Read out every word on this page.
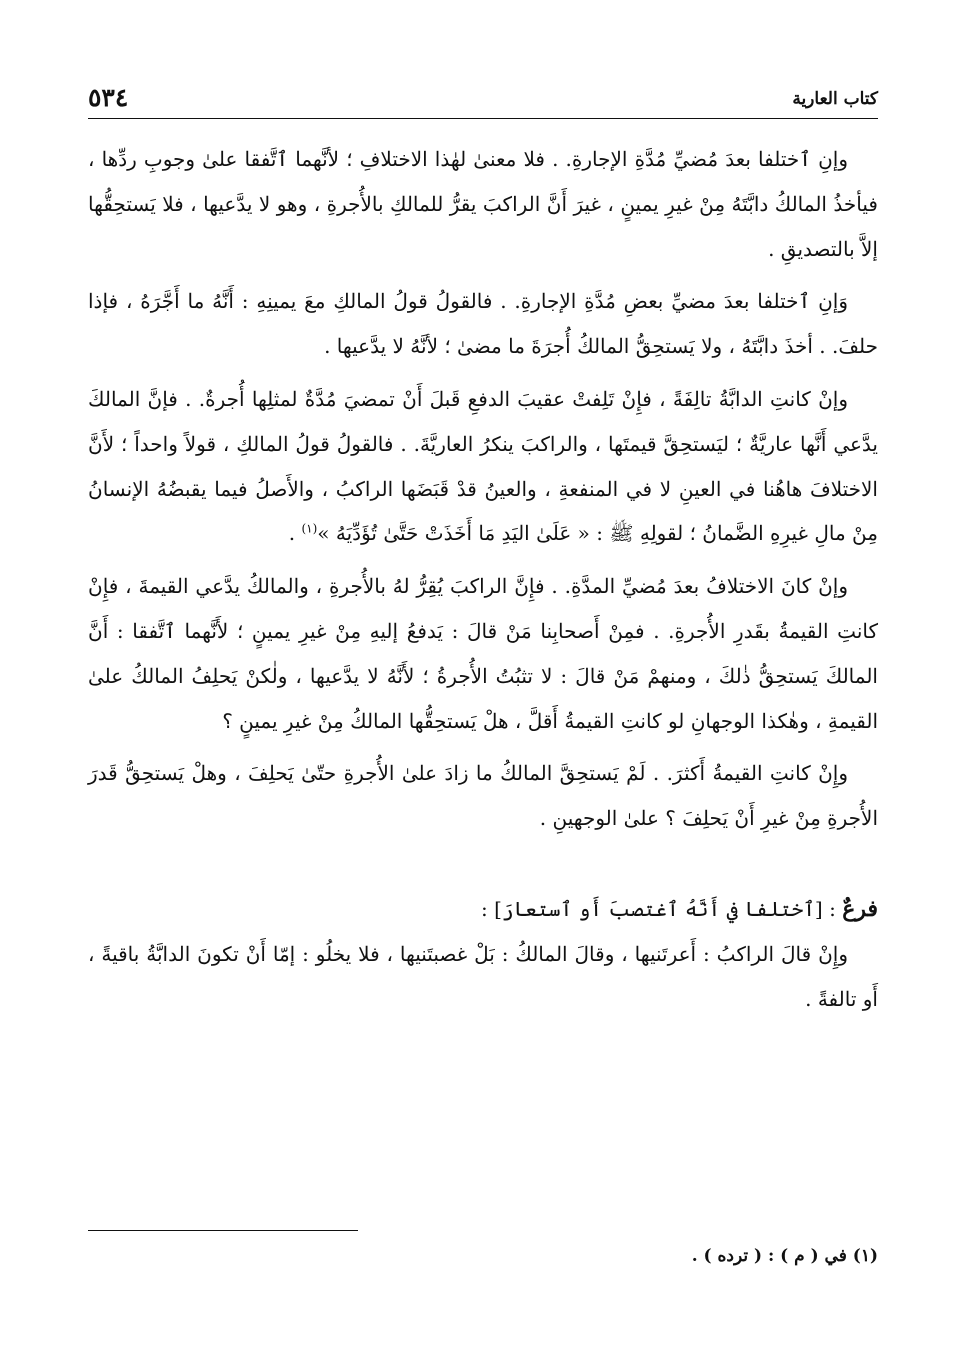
كتاب العارية
٥٣٤

وإنِ ٱختلفا بعدَ مُضيِّ مُدَّةِ الإجارةِ. . فلا معنىٰ لهٰذا الاختلافِ ؛ لأنَّهما ٱتَّفقا علىٰ وجوبِ ردِّها ، فيأخذُ المالكُ دابَّتَهُ مِنْ غيرِ يمينٍ ، غيرَ أَنَّ الراكبَ يقرُّ للمالكِ بالأُجرةِ ، وهو لا يدَّعيها ، فلا يَستحِقُّها إلاَّ بالتصديقِ .

وَإنِ ٱختلفا بعدَ مضيِّ بعضِ مُدَّةِ الإجارةِ. . فالقولُ قولُ المالكِ معَ يمينِهِ : أَنَّهُ ما أَجَّرَهُ ، فإذا حلفَ. . أخذَ دابَّتَهُ ، ولا يَستحِقُّ المالكُ أُجرَةَ ما مضىٰ ؛ لأنَّهُ لا يدَّعيها .

وإنْ كانتِ الدابَّةُ تالِفَةً ، فإِنْ تَلِفتْ عقيبَ الدفعِ قَبلَ أَنْ تمضيَ مُدَّةٌ لمثلِها أُجرةٌ. . فإنَّ المالكَ يدَّعي أَنَّها عاريَّةٌ ؛ ليَستحِقَّ قيمتَها ، والراكبَ ينكرُ العاريَّةَ. . فالقولُ قولُ المالكِ ، قولاً واحداً ؛ لأَنَّ الاختلافَ هاهُنا في العينِ لا في المنفعةِ ، والعينُ قدْ قَبَضَها الراكبُ ، والأَصلُ فيما يقبضُهُ الإنسانُ مِنْ مالِ غيرِهِ الضَّمانُ ؛ لقولِهِ ﷺ : « عَلَىٰ اليَدِ مَا أَخَذَتْ حَتَّىٰ تُؤَدِّيَهُ »$^{(١)}$ .

وإنْ كانَ الاختلافُ بعدَ مُضيِّ المدَّةِ. . فإِنَّ الراكبَ يُقِرُّ لهُ بالأُجرةِ ، والمالكُ يدَّعي القيمةَ ، فإِنْ كانتِ القيمةُ بقَدرِ الأُجرةِ. . فمِنْ أَصحابِنا مَنْ قالَ : يَدفعُ إليهِ مِنْ غيرِ يمينٍ ؛ لأَنَّهما ٱتَّفقا : أَنَّ المالكَ يَستحِقُّ ذٰلكَ ، ومنهمْ مَنْ قالَ : لا تثبُتُ الأُجرةُ ؛ لأَنَّهُ لا يدَّعيها ، ولٰكنْ يَحلِفُ المالكُ علىٰ القيمةِ ، وهٰكذا الوجهانِ لو كانتِ القيمةُ أَقلَّ ، هلْ يَستحِقُّها المالكُ مِنْ غيرِ يمينٍ ؟

وإِنْ كانتِ القيمةُ أَكثرَ. . لَمْ يَستحِقَّ المالكُ ما زادَ علىٰ الأُجرةِ حتّىٰ يَحلِفَ ، وهلْ يَستحِقُّ قَدرَ الأُجرةِ مِنْ غيرِ أَنْ يَحلِفَ ؟ علىٰ الوجهينِ .

فرعٌ : [ٱختلفا في أَنَّهُ ٱغتصبَ أَو ٱستعارَ] :

وإِنْ قالَ الراكبُ : أَعرتَنيها ، وقالَ المالكُ : بَلْ غصبتَنيها ، فلا يخلُو : إمّا أَنْ تكونَ الدابَّةُ باقيةً ، أَو تالفةً .

(١) في ( م ) : ( ترده ) .
